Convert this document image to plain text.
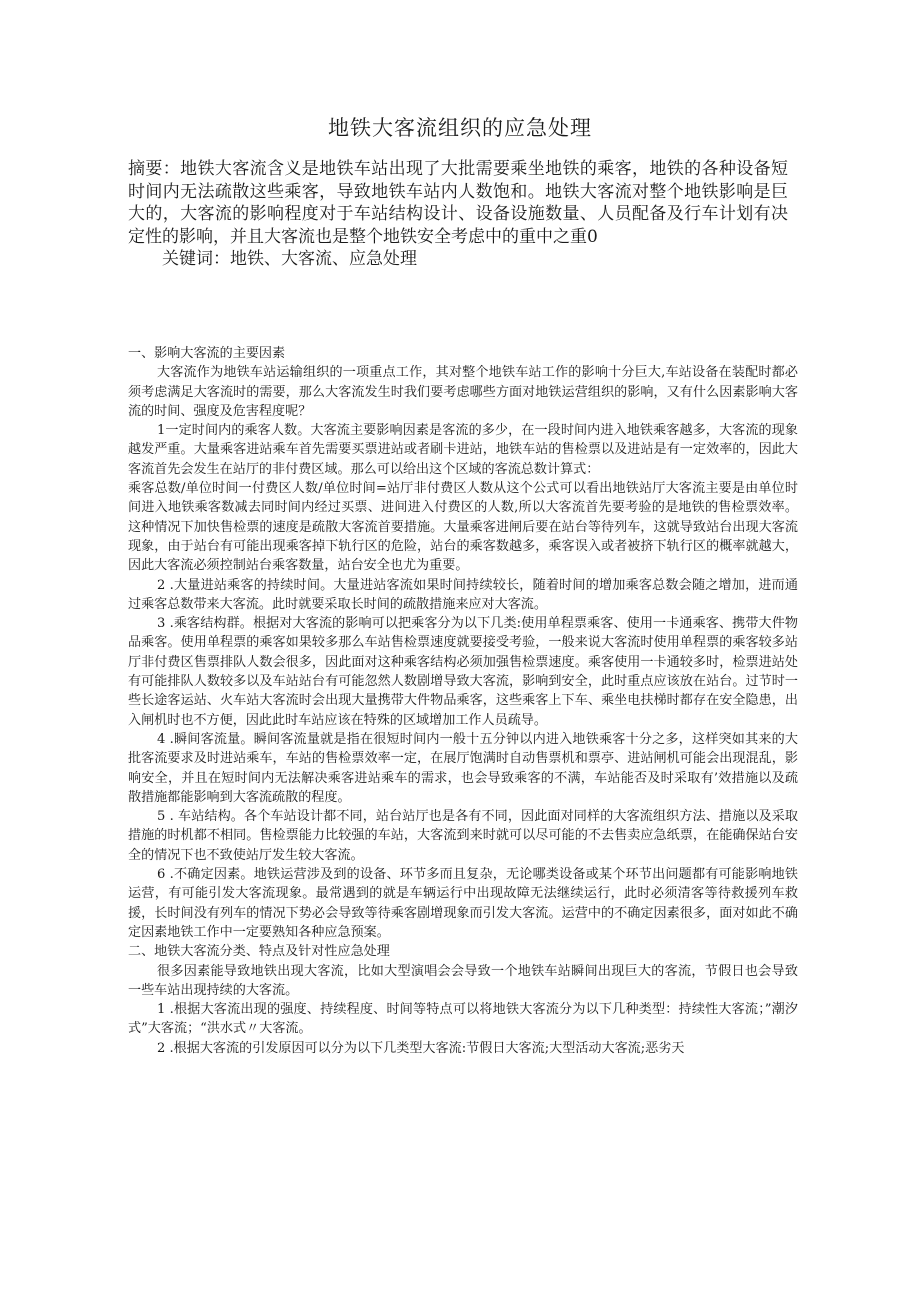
地铁大客流组织的应急处理

摘要：地铁大客流含义是地铁车站出现了大批需要乘坐地铁的乘客，地铁的各种设备短时间内无法疏散这些乘客，导致地铁车站内人数饱和。地铁大客流对整个地铁影响是巨大的，大客流的影响程度对于车站结构设计、设备设施数量、人员配备及行车计划有决定性的影响，并且大客流也是整个地铁安全考虑中的重中之重0

关键词：地铁、大客流、应急处理

一、影响大客流的主要因素

大客流作为地铁车站运输组织的一项重点工作，其对整个地铁车站工作的影响十分巨大,车站设备在装配时都必须考虑满足大客流时的需要，那么大客流发生时我们要考虑哪些方面对地铁运营组织的影响，又有什么因素影响大客流的时间、强度及危害程度呢？

1一定时间内的乘客人数。大客流主要影响因素是客流的多少，在一段时间内进入地铁乘客越多，大客流的现象越发严重。大量乘客进站乘车首先需要买票进站或者刷卡进站，地铁车站的售检票以及进站是有一定效率的，因此大客流首先会发生在站厅的非付费区域。那么可以给出这个区域的客流总数计算式：

乘客总数/单位时间一付费区人数/单位时间=站厅非付费区人数从这个公式可以看出地铁站厅大客流主要是由单位时间进入地铁乘客数减去同时间内经过买票、进间进入付费区的人数,所以大客流首先要考验的是地铁的售检票效率。这种情况下加快售检票的速度是疏散大客流首要措施。大量乘客进闸后要在站台等待列车，这就导致站台出现大客流现象，由于站台有可能出现乘客掉下轨行区的危险，站台的乘客数越多，乘客误入或者被挤下轨行区的概率就越大，因此大客流必须控制站台乘客数量，站台安全也尤为重要。

2 .大量进站乘客的持续时间。大量进站客流如果时间持续较长，随着时间的增加乘客总数会随之增加，进而通过乘客总数带来大客流。此时就要采取长时间的疏散措施来应对大客流。

3 .乘客结构群。根据对大客流的影响可以把乘客分为以下几类:使用单程票乘客、使用一卡通乘客、携带大件物品乘客。使用单程票的乘客如果较多那么车站售检票速度就要接受考验，一般来说大客流时使用单程票的乘客较多站厅非付费区售票排队人数会很多，因此面对这种乘客结构必须加强售检票速度。乘客使用一卡通较多时，检票进站处有可能排队人数较多以及车站站台有可能忽然人数剧增导致大客流，影响到安全，此时重点应该放在站台。过节时一些长途客运站、火车站大客流时会出现大量携带大件物品乘客，这些乘客上下车、乘坐电扶梯时都存在安全隐患，出入闸机时也不方便，因此此时车站应该在特殊的区域增加工作人员疏导。

4 .瞬间客流量。瞬间客流量就是指在很短时间内一般十五分钟以内进入地铁乘客十分之多，这样突如其来的大批客流要求及时进站乘车，车站的售检票效率一定，在展厅饱满时自动售票机和票亭、进站闸机可能会出现混乱，影响安全，并且在短时间内无法解决乘客进站乘车的需求，也会导致乘客的不满，车站能否及时采取有’效措施以及疏散措施都能影响到大客流疏散的程度。

5 . 车站结构。各个车站设计都不同，站台站厅也是各有不同，因此面对同样的大客流组织方法、措施以及采取措施的时机都不相同。售检票能力比较强的车站，大客流到来时就可以尽可能的不去售卖应急纸票，在能确保站台安全的情况下也不致使站厅发生较大客流。

6 .不确定因素。地铁运营涉及到的设备、环节多而且复杂，无论哪类设备或某个环节出问题都有可能影响地铁运营，有可能引发大客流现象。最常遇到的就是车辆运行中出现故障无法继续运行，此时必须清客等待救援列车救援，长时间没有列车的情况下势必会导致等待乘客剧增现象而引发大客流。运营中的不确定因素很多，面对如此不确定因素地铁工作中一定要熟知各种应急预案。

二、地铁大客流分类、特点及针对性应急处理

很多因素能导致地铁出现大客流，比如大型演唱会会导致一个地铁车站瞬间出现巨大的客流，节假日也会导致一些车站出现持续的大客流。

1 .根据大客流出现的强度、持续程度、时间等特点可以将地铁大客流分为以下几种类型：持续性大客流；”潮汐式”大客流；“洪水式〃大客流。

2 .根据大客流的引发原因可以分为以下几类型大客流:节假日大客流;大型活动大客流;恶劣天
